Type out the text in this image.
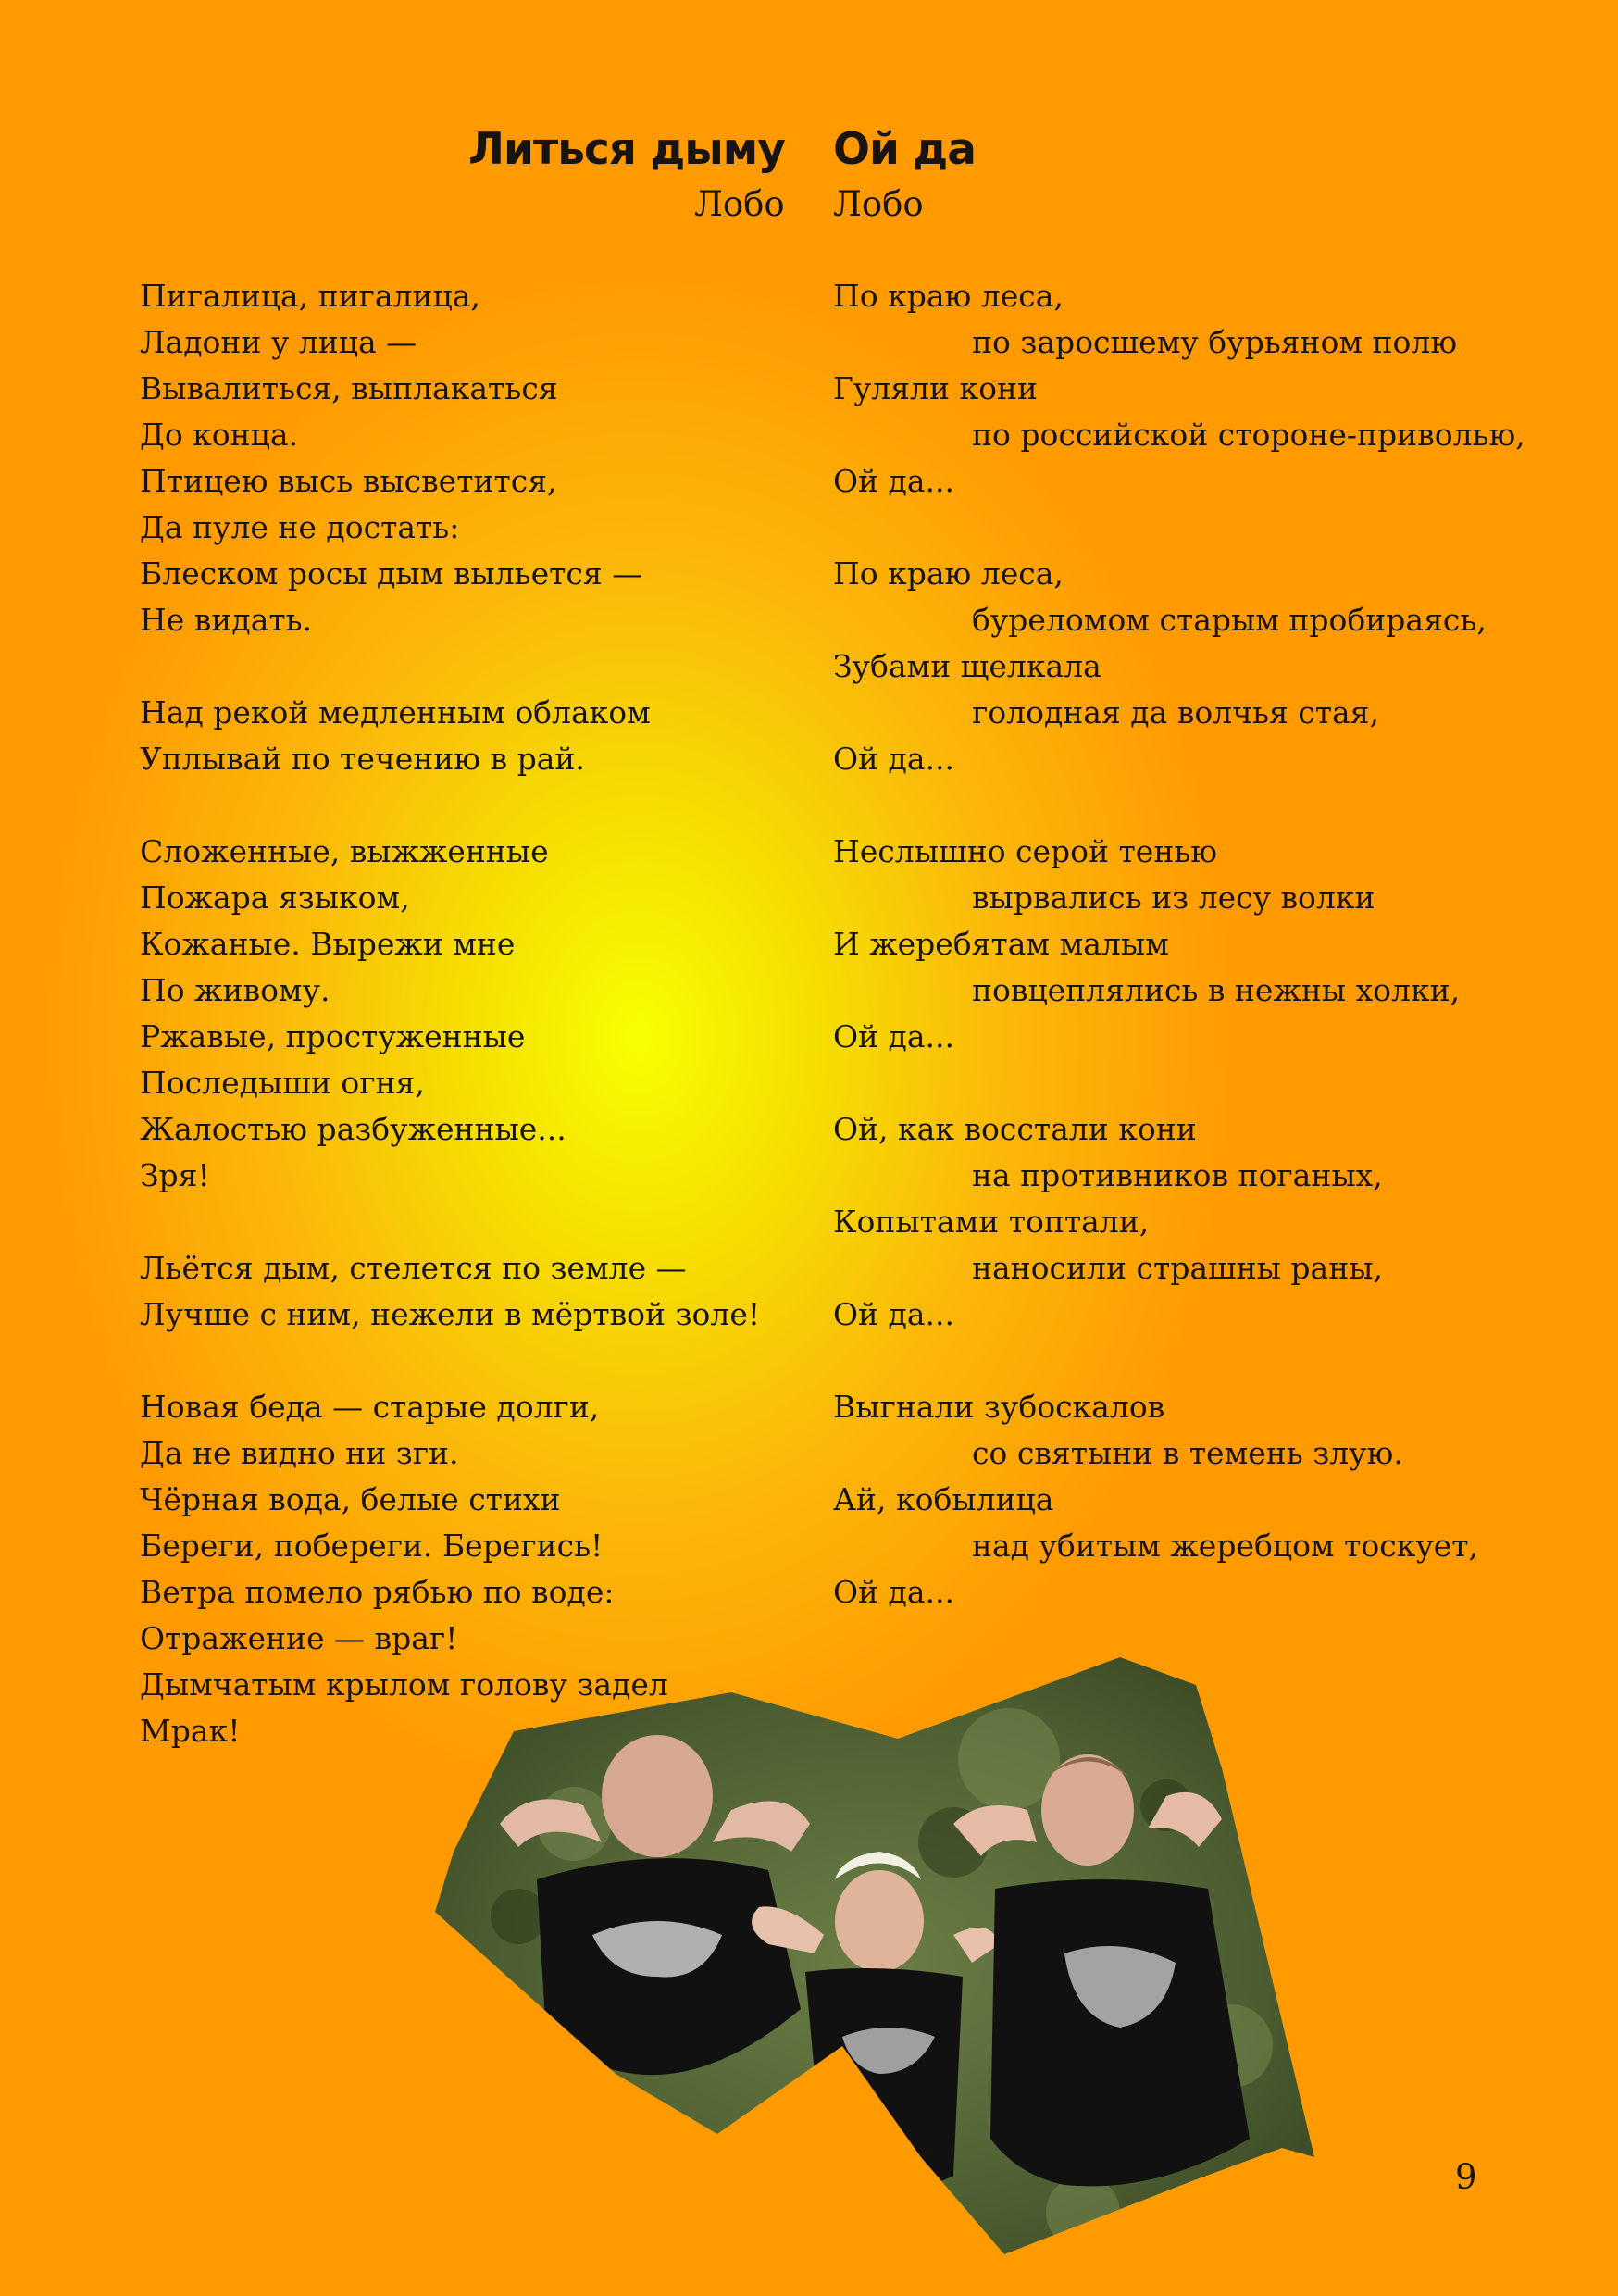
Литься дыму
Лобо
Ой да
Лобо
Пигалица, пигалица,
Ладони у лица —
Вывалиться, выплакаться
До конца.
Птицею высь высветится,
Да пуле не достать:
Блеском росы дым выльется —
Не видать.
Над рекой медленным облаком
Уплывай по течению в рай.
Сложенные, выжженные
Пожара языком,
Кожаные. Вырежи мне
По живому.
Ржавые, простуженные
Последыши огня,
Жалостью разбуженные...
Зря!
Льётся дым, стелется по земле —
Лучше с ним, нежели в мёртвой золе!
Новая беда — старые долги,
Да не видно ни зги.
Чёрная вода, белые стихи
Береги, побереги. Берегись!
Ветра помело рябью по воде:
Отражение — враг!
Дымчатым крылом голову задел
Мрак!
По краю леса,
по заросшему бурьяном полю
Гуляли кони
по российской стороне-приволью,
Ой да...
По краю леса,
буреломом старым пробираясь,
Зубами щелкала
голодная да волчья стая,
Ой да...
Неслышно серой тенью
вырвались из лесу волки
И жеребятам малым
повцеплялись в нежны холки,
Ой да...
Ой, как восстали кони
на противников поганых,
Копытами топтали,
наносили страшны раны,
Ой да...
Выгнали зубоскалов
со святыни в темень злую.
Ай, кобылица
над убитым жеребцом тоскует,
Ой да...
9
